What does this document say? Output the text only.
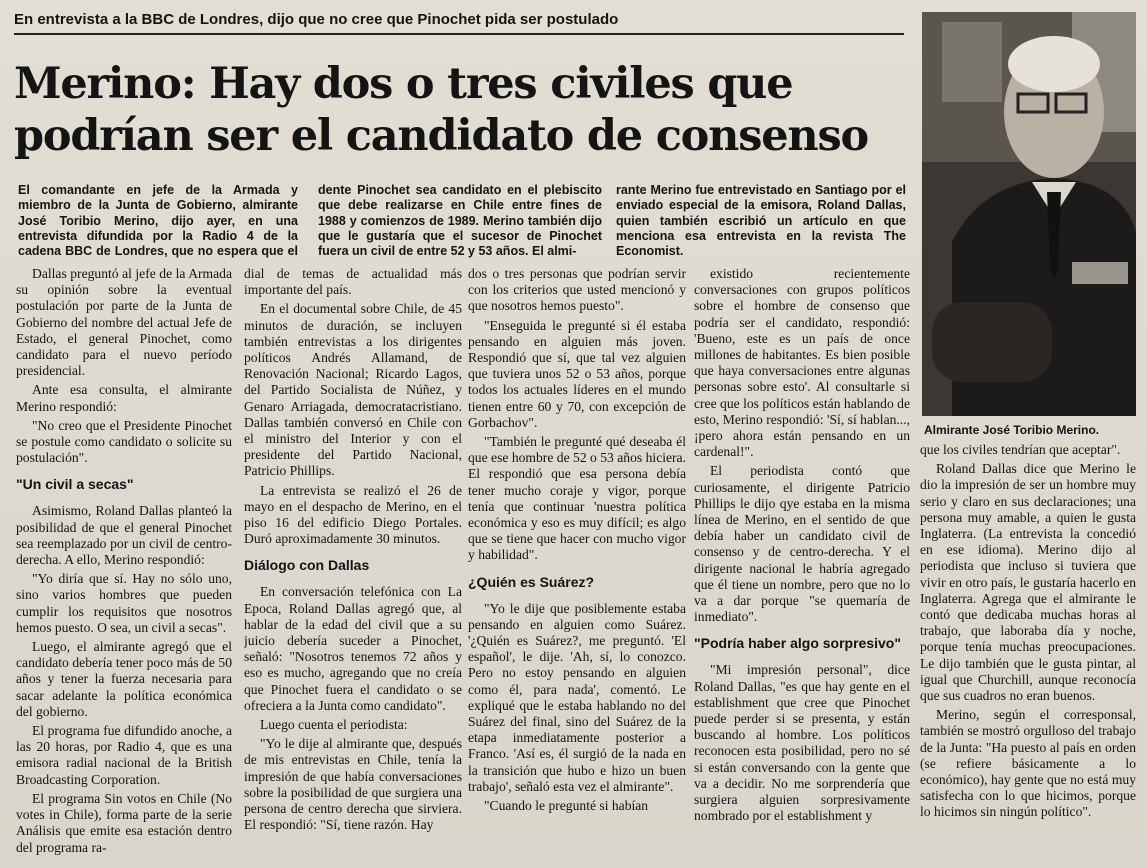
En entrevista a la BBC de Londres, dijo que no cree que Pinochet pida ser postulado
Merino: Hay dos o tres civiles que podrían ser el candidato de consenso

El comandante en jefe de la Armada y miembro de la Junta de Gobierno, almirante José Toribio Merino, dijo ayer, en una entrevista difundida por la Radio 4 de la cadena BBC de Londres, que no espera que el

dente Pinochet sea candidato en el plebiscito que debe realizarse en Chile entre fines de 1988 y comienzos de 1989. Merino también dijo que le gustaría que el sucesor de Pinochet fuera un civil de entre 52 y 53 años. El almi-

rante Merino fue entrevistado en Santiago por el enviado especial de la emisora, Roland Dallas, quien también escribió un artículo en que menciona esa entrevista en la revista The Economist.

Dallas preguntó al jefe de la Armada su opinión sobre la eventual postulación por parte de la Junta de Gobierno del nombre del actual Jefe de Estado, el general Pinochet, como candidato para el nuevo período presidencial.

Ante esa consulta, el almirante Merino respondió:

"No creo que el Presidente Pinochet se postule como candidato o solicite su postulación".

"Un civil a secas"

Asimismo, Roland Dallas planteó la posibilidad de que el general Pinochet sea reemplazado por un civil de centro-derecha. A ello, Merino respondió:

"Yo diría que sí. Hay no sólo uno, sino varios hombres que pueden cumplir los requisitos que nosotros hemos puesto. O sea, un civil a secas".

Luego, el almirante agregó que el candidato debería tener poco más de 50 años y tener la fuerza necesaria para sacar adelante la política económica del gobierno.

El programa fue difundido anoche, a las 20 horas, por Radio 4, que es una emisora radial nacional de la British Broadcasting Corporation.

El programa Sin votos en Chile (No votes in Chile), forma parte de la serie Análisis que emite esa estación dentro del programa ra-

dial de temas de actualidad más importante del país.

En el documental sobre Chile, de 45 minutos de duración, se incluyen también entrevistas a los dirigentes políticos Andrés Allamand, de Renovación Nacional; Ricardo Lagos, del Partido Socialista de Núñez, y Genaro Arriagada, democratacristiano. Dallas también conversó en Chile con el ministro del Interior y con el presidente del Partido Nacional, Patricio Phillips.

La entrevista se realizó el 26 de mayo en el despacho de Merino, en el piso 16 del edificio Diego Portales. Duró aproximadamente 30 minutos.

Diálogo con Dallas

En conversación telefónica con La Epoca, Roland Dallas agregó que, al hablar de la edad del civil que a su juicio debería suceder a Pinochet, señaló: "Nosotros tenemos 72 años y eso es mucho, agregando que no creía que Pinochet fuera el candidato o se ofreciera a la Junta como candidato".

Luego cuenta el periodista:

"Yo le dije al almirante que, después de mis entrevistas en Chile, tenía la impresión de que había conversaciones sobre la posibilidad de que surgiera una persona de centro derecha que sirviera. El respondió: "Sí, tiene razón. Hay

dos o tres personas que podrían servir con los criterios que usted mencionó y que nosotros hemos puesto".

"Enseguida le pregunté si él estaba pensando en alguien más joven. Respondió que sí, que tal vez alguien que tuviera unos 52 o 53 años, porque todos los actuales líderes en el mundo tienen entre 60 y 70, con excepción de Gorbachov".

"También le pregunté qué deseaba él que ese hombre de 52 o 53 años hiciera. El respondió que esa persona debía tener mucho coraje y vigor, porque tenía que continuar 'nuestra política económica y eso es muy difícil; es algo que se tiene que hacer con mucho vigor y habilidad".

¿Quién es Suárez?

"Yo le dije que posiblemente estaba pensando en alguien como Suárez. '¿Quién es Suárez?, me preguntó. 'El español', le dije. 'Ah, sí, lo conozco. Pero no estoy pensando en alguien como él, para nada', comentó. Le expliqué que le estaba hablando no del Suárez del final, sino del Suárez de la etapa inmediatamente posterior a Franco. 'Así es, él surgió de la nada en la transición que hubo e hizo un buen trabajo', señaló esta vez el almirante".

"Cuando le pregunté si habían

existido recientemente conversaciones con grupos políticos sobre el hombre de consenso que podría ser el candidato, respondió: 'Bueno, este es un país de once millones de habitantes. Es bien posible que haya conversaciones entre algunas personas sobre esto'. Al consultarle si cree que los políticos están hablando de esto, Merino respondió: 'Sí, sí hablan..., ¡pero ahora están pensando en un cardenal!".

El periodista contó que curiosamente, el dirigente Patricio Phillips le dijo qye estaba en la misma línea de Merino, en el sentido de que debía haber un candidato civil de consenso y de centro-derecha. Y el dirigente nacional le habría agregado que él tiene un nombre, pero que no lo va a dar porque "se quemaría de inmediato".

"Podría haber algo sorpresivo"

"Mi impresión personal", dice Roland Dallas, "es que hay gente en el establishment que cree que Pinochet puede perder si se presenta, y están buscando al hombre. Los políticos reconocen esta posibilidad, pero no sé si están conversando con la gente que va a decidir. No me sorprendería que surgiera alguien sorpresivamente nombrado por el establishment y

Almirante José Toribio Merino.

que los civiles tendrían que aceptar".

Roland Dallas dice que Merino le dio la impresión de ser un hombre muy serio y claro en sus declaraciones; una persona muy amable, a quien le gusta Inglaterra. (La entrevista la concedió en ese idioma). Merino dijo al periodista que incluso si tuviera que vivir en otro país, le gustaría hacerlo en Inglaterra. Agrega que el almirante le contó que dedicaba muchas horas al trabajo, que laboraba día y noche, porque tenía muchas preocupaciones. Le dijo también que le gusta pintar, al igual que Churchill, aunque reconocía que sus cuadros no eran buenos.

Merino, según el corresponsal, también se mostró orgulloso del trabajo de la Junta: "Ha puesto al país en orden (se refiere básicamente a lo económico), hay gente que no está muy satisfecha con lo que hicimos, porque lo hicimos sin ningún político".
